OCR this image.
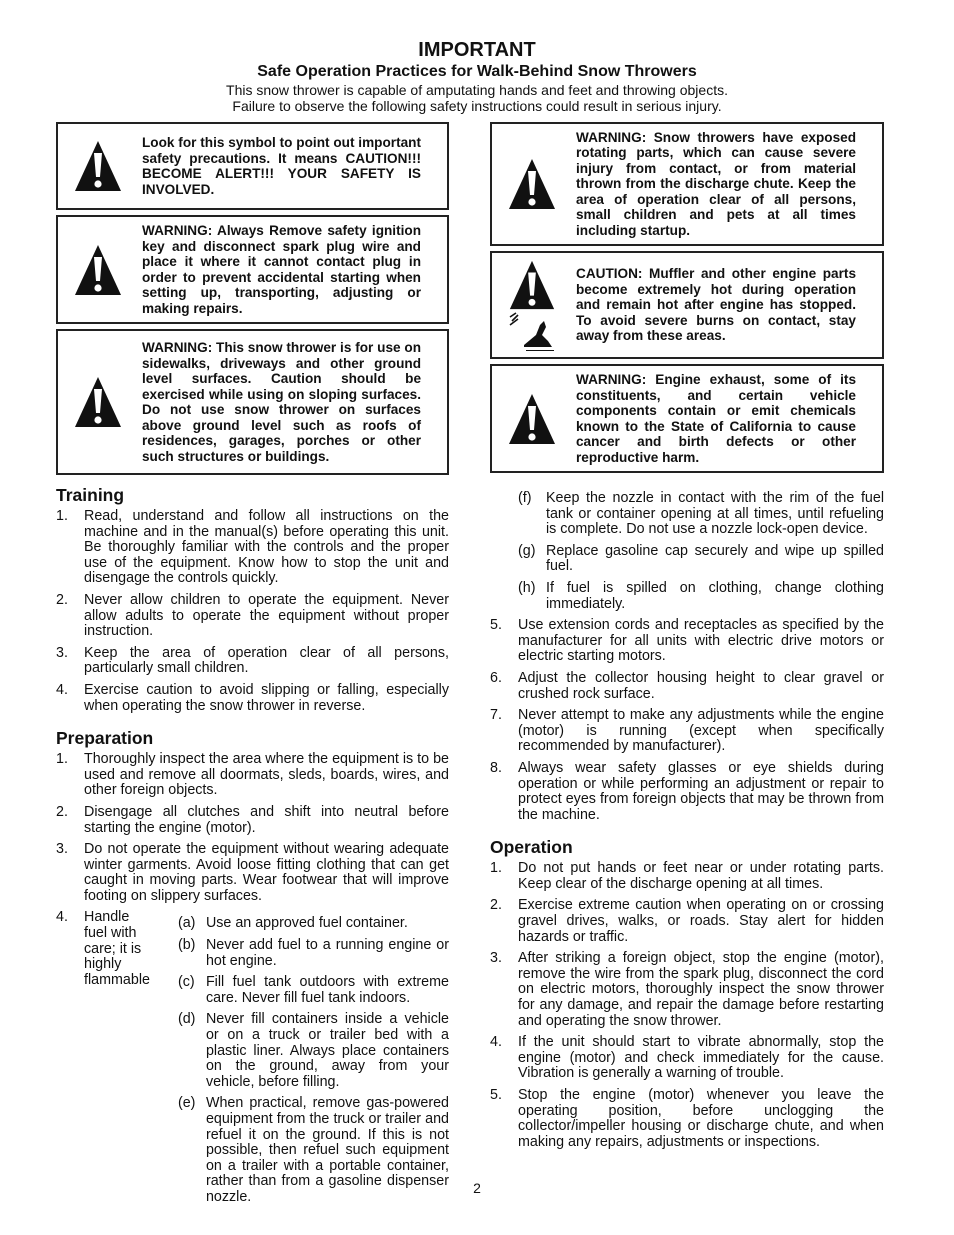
IMPORTANT
Safe Operation Practices for Walk-Behind Snow Throwers

This snow thrower is capable of amputating hands and feet and throwing objects.

Failure to observe the following safety instructions could result in serious injury.

Look for this symbol to point out important safety precautions. It means CAUTION!!! BECOME ALERT!!! YOUR SAFETY IS INVOLVED.
WARNING: Always Remove safety ignition key and disconnect spark plug wire and place it where it cannot contact plug in order to prevent accidental starting when setting up, transporting, adjusting or making repairs.
WARNING: This snow thrower is for use on sidewalks, driveways and other ground level surfaces. Caution should be exercised while using on sloping surfaces. Do not use snow thrower on surfaces above ground level such as roofs of residences, garages, porches or other such structures or buildings.
Training
1.	Read, understand and follow all instructions on the machine and in the manual(s) before operating this unit. Be thoroughly familiar with the controls and the proper use of the equipment. Know how to stop the unit and disengage the controls quickly.
2.	Never allow children to operate the equipment. Never allow adults to operate the equipment without proper instruction.
3.	Keep the area of operation clear of all persons, particularly small children.
4.	Exercise caution to avoid slipping or falling, especially when operating the snow thrower in reverse.
Preparation
1.	Thoroughly inspect the area where the equipment is to be used and remove all doormats, sleds, boards, wires, and other foreign objects.
2.	Disengage all clutches and shift into neutral before starting the engine (motor).
3.	Do not operate the equipment without wearing adequate winter garments. Avoid loose fitting clothing that can get caught in moving parts. Wear footwear that will improve footing on slippery surfaces.
4.	Handle fuel with care; it is highly flammable
(a) Use an approved fuel container.
(b) Never add fuel to a running engine or hot engine.
(c) Fill fuel tank outdoors with extreme care. Never fill fuel tank indoors.
(d) Never fill containers inside a vehicle or on a truck or trailer bed with a plastic liner. Always place containers on the ground, away from your vehicle, before filling.
(e) When practical, remove gas-powered equipment from the truck or trailer and refuel it on the ground. If this is not possible, then refuel such equipment on a trailer with a portable container, rather than from a gasoline dispenser nozzle.
WARNING: Snow throwers have exposed rotating parts, which can cause severe injury from contact, or from material thrown from the discharge chute. Keep the area of operation clear of all persons, small children and pets at all times including startup.
CAUTION: Muffler and other engine parts become extremely hot during operation and remain hot after engine has stopped. To avoid severe burns on contact, stay away from these areas.
WARNING: Engine exhaust, some of its constituents, and certain vehicle components contain or emit chemicals known to the State of California to cause cancer and birth defects or other reproductive harm.
(f)	Keep the nozzle in contact with the rim of the fuel tank or container opening at all times, until refueling is complete. Do not use a nozzle lock-open device.
(g) Replace gasoline cap securely and wipe up spilled fuel.
(h) If fuel is spilled on clothing, change clothing immediately.
5.	Use extension cords and receptacles as specified by the manufacturer for all units with electric drive motors or electric starting motors.
6.	Adjust the collector housing height to clear gravel or crushed rock surface.
7.	Never attempt to make any adjustments while the engine (motor) is running (except when specifically recommended by manufacturer).
8.	Always wear safety glasses or eye shields during operation or while performing an adjustment or repair to protect eyes from foreign objects that may be thrown from the machine.
Operation
1.	Do not put hands or feet near or under rotating parts. Keep clear of the discharge opening at all times.
2.	Exercise extreme caution when operating on or crossing gravel drives, walks, or roads. Stay alert for hidden hazards or traffic.
3.	After striking a foreign object, stop the engine (motor), remove the wire from the spark plug, disconnect the cord on electric motors, thoroughly inspect the snow thrower for any damage, and repair the damage before restarting and operating the snow thrower.
4.	If the unit should start to vibrate abnormally, stop the engine (motor) and check immediately for the cause. Vibration is generally a warning of trouble.
5.	Stop the engine (motor) whenever you leave the operating position, before unclogging the collector/impeller housing or discharge chute, and when making any repairs, adjustments or inspections.
2
